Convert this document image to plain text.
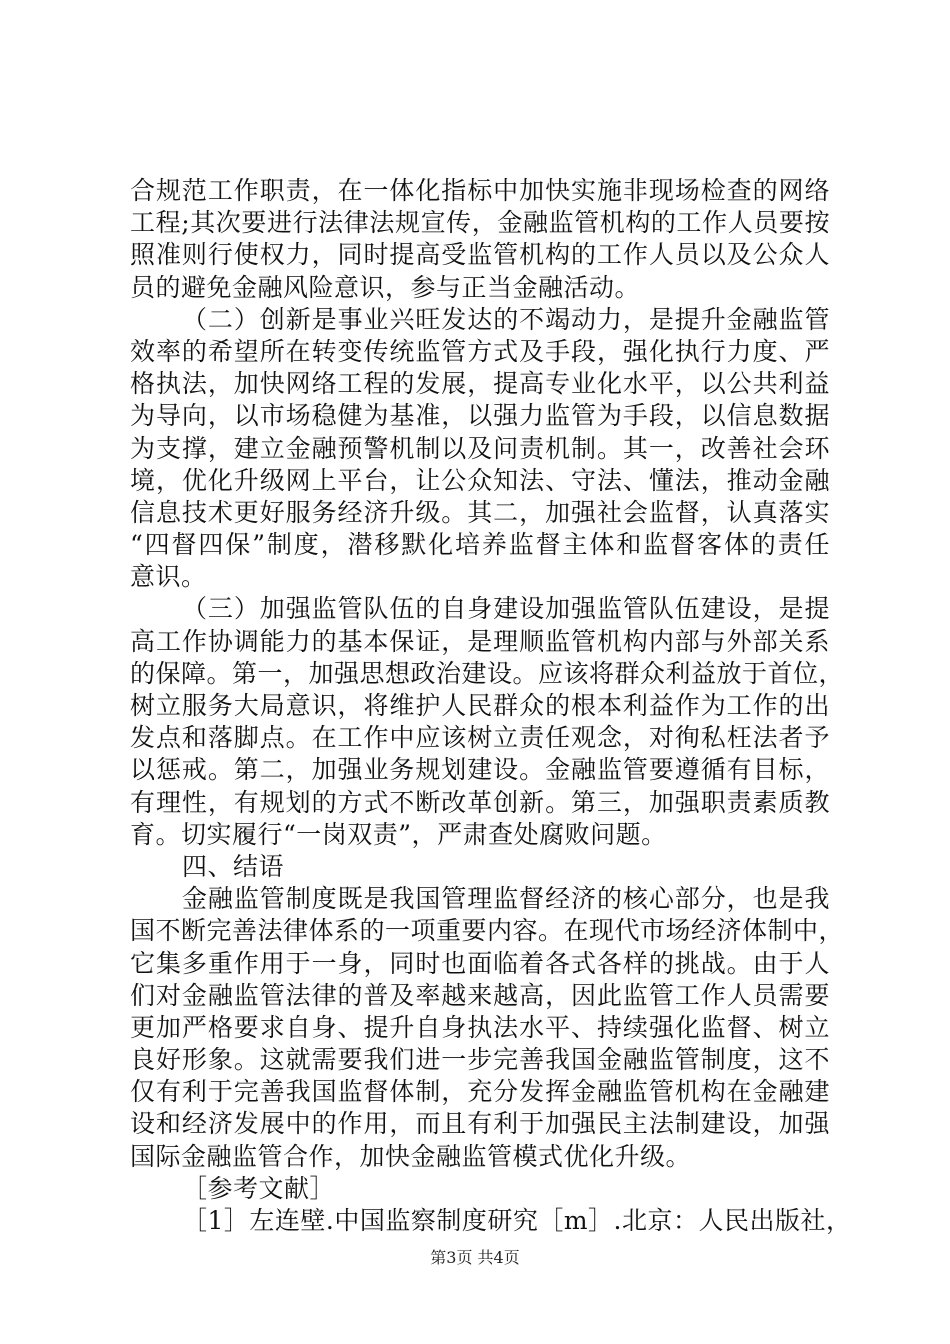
合规范工作职责，在一体化指标中加快实施非现场检查的网络
工程;其次要进行法律法规宣传，金融监管机构的工作人员要按
照准则行使权力，同时提高受监管机构的工作人员以及公众人
员的避免金融风险意识，参与正当金融活动。
（二）创新是事业兴旺发达的不竭动力，是提升金融监管
效率的希望所在转变传统监管方式及手段，强化执行力度、严
格执法，加快网络工程的发展，提高专业化水平，以公共利益
为导向，以市场稳健为基准，以强力监管为手段，以信息数据
为支撑，建立金融预警机制以及问责机制。其一，改善社会环
境，优化升级网上平台，让公众知法、守法、懂法，推动金融
信息技术更好服务经济升级。其二，加强社会监督，认真落实
“四督四保”制度，潜移默化培养监督主体和监督客体的责任
意识。
（三）加强监管队伍的自身建设加强监管队伍建设，是提
高工作协调能力的基本保证，是理顺监管机构内部与外部关系
的保障。第一，加强思想政治建设。应该将群众利益放于首位，
树立服务大局意识，将维护人民群众的根本利益作为工作的出
发点和落脚点。在工作中应该树立责任观念，对徇私枉法者予
以惩戒。第二，加强业务规划建设。金融监管要遵循有目标，
有理性，有规划的方式不断改革创新。第三，加强职责素质教
育。切实履行“一岗双责”，严肃查处腐败问题。
四、结语
金融监管制度既是我国管理监督经济的核心部分，也是我
国不断完善法律体系的一项重要内容。在现代市场经济体制中，
它集多重作用于一身，同时也面临着各式各样的挑战。由于人
们对金融监管法律的普及率越来越高，因此监管工作人员需要
更加严格要求自身、提升自身执法水平、持续强化监督、树立
良好形象。这就需要我们进一步完善我国金融监管制度，这不
仅有利于完善我国监督体制，充分发挥金融监管机构在金融建
设和经济发展中的作用，而且有利于加强民主法制建设，加强
国际金融监管合作，加快金融监管模式优化升级。
［参考文献］
［1］左连壁.中国监察制度研究［m］.北京：人民出版社，
第3页 共4页
